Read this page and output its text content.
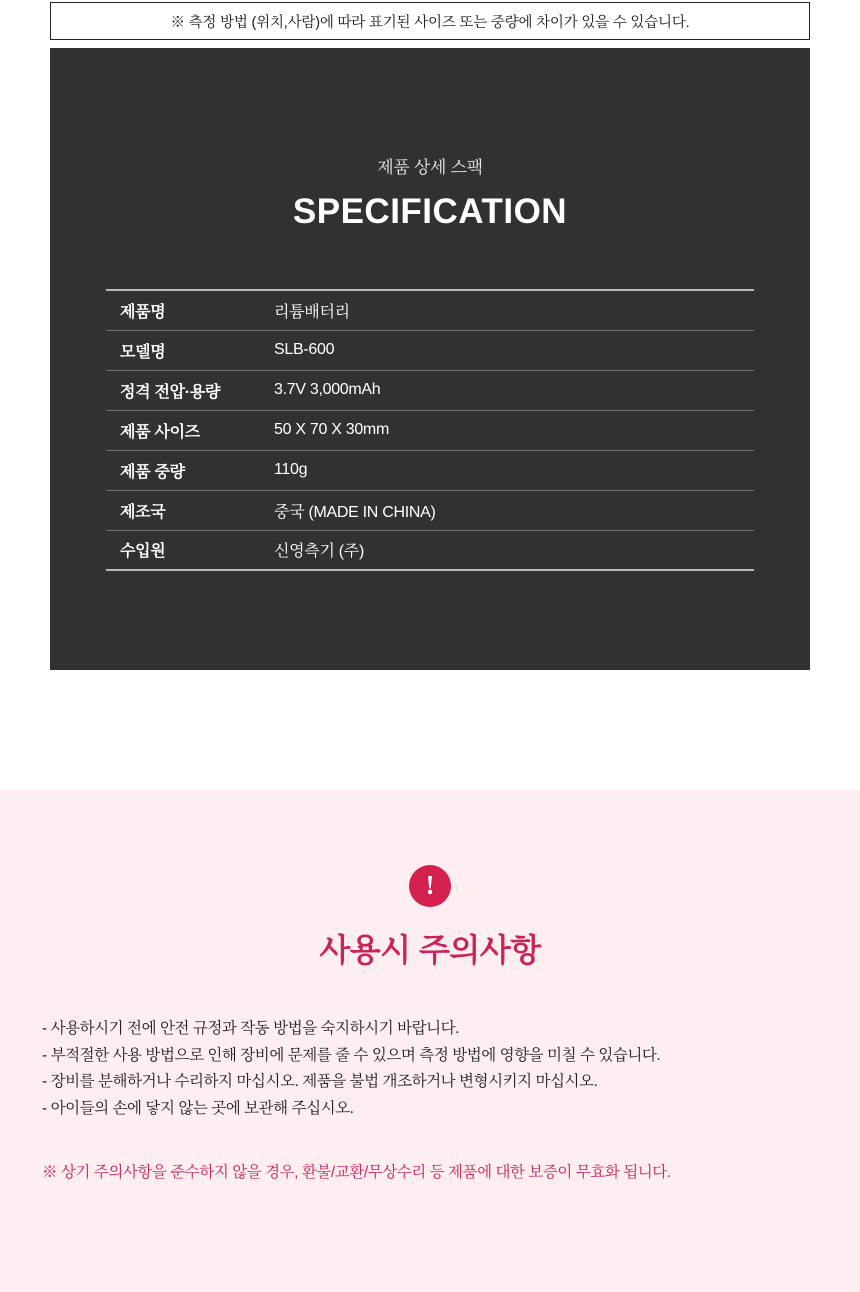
※ 측정 방법 (위치,사람)에 따라 표기된 사이즈 또는 중량에 차이가 있을 수 있습니다.
제품 상세 스팩
SPECIFICATION
제품명	리튬배터리
모델명	SLB-600
정격 전압·용량	3.7V 3,000mAh
제품 사이즈	50 X 70 X 30mm
제품 중량	110g
제조국	중국 (MADE IN CHINA)
수입원	신영측기 (주)
!
사용시 주의사항
- 사용하시기 전에 안전 규정과 작동 방법을 숙지하시기 바랍니다.
- 부적절한 사용 방법으로 인해 장비에 문제를 줄 수 있으며 측정 방법에 영향을 미칠 수 있습니다.
- 장비를 분해하거나 수리하지 마십시오. 제품을 불법 개조하거나 변형시키지 마십시오.
- 아이들의 손에 닿지 않는 곳에 보관해 주십시오.
※ 상기 주의사항을 준수하지 않을 경우, 환불/교환/무상수리 등 제품에 대한 보증이 무효화 됩니다.
